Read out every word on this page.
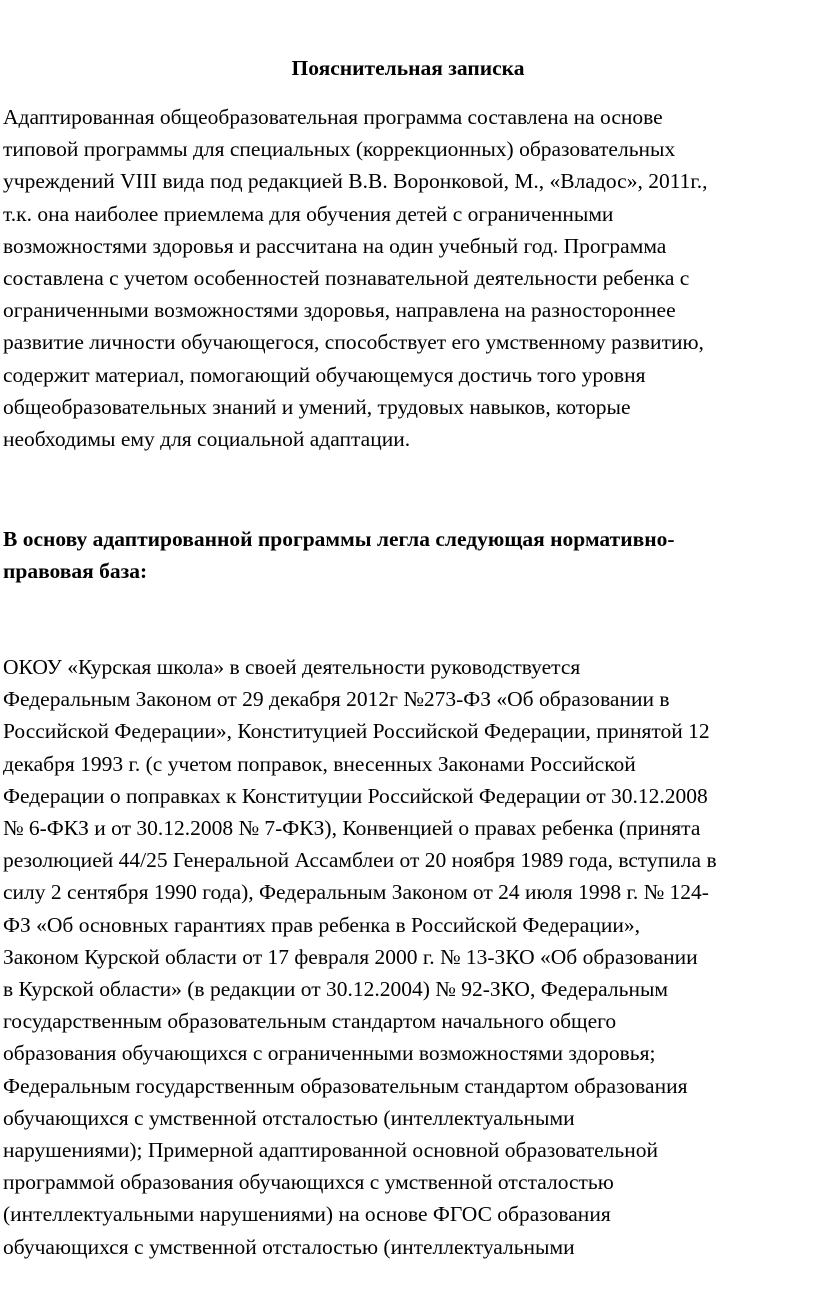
Пояснительная записка
Адаптированная общеобразовательная программа составлена на основе
типовой программы для специальных (коррекционных) образовательных
учреждений VIII вида под редакцией В.В. Воронковой, М., «Владос», 2011г.,
т.к. она наиболее приемлема для обучения детей с ограниченными
возможностями здоровья и рассчитана на один учебный год. Программа
составлена с учетом особенностей познавательной деятельности ребенка с
ограниченными возможностями здоровья, направлена на разностороннее
развитие личности обучающегося, способствует его умственному развитию,
содержит материал, помогающий обучающемуся достичь того уровня
общеобразовательных знаний и умений, трудовых навыков, которые
необходимы ему для социальной адаптации.
В основу адаптированной программы легла следующая нормативно-
правовая база:
ОКОУ «Курская школа» в своей деятельности руководствуется
Федеральным Законом от 29 декабря 2012г №273-ФЗ «Об образовании в
Российской Федерации», Конституцией Российской Федерации, принятой 12
декабря 1993 г. (с учетом поправок, внесенных Законами Российской
Федерации о поправках к Конституции Российской Федерации от 30.12.2008
№ 6-ФКЗ и от 30.12.2008 № 7-ФКЗ), Конвенцией о правах ребенка (принята
резолюцией 44/25 Генеральной Ассамблеи от 20 ноября 1989 года, вступила в
силу 2 сентября 1990 года), Федеральным Законом от 24 июля 1998 г. № 124-
ФЗ «Об основных гарантиях прав ребенка в Российской Федерации»,
Законом Курской области от 17 февраля 2000 г. № 13-ЗКО «Об образовании
в Курской области» (в редакции от 30.12.2004) № 92-ЗКО, Федеральным
государственным образовательным стандартом начального общего
образования обучающихся с ограниченными возможностями здоровья;
Федеральным государственным образовательным стандартом образования
обучающихся с умственной отсталостью (интеллектуальными
нарушениями); Примерной адаптированной основной образовательной
программой образования обучающихся с умственной отсталостью
(интеллектуальными нарушениями) на основе ФГОС образования
обучающихся с умственной отсталостью (интеллектуальными
